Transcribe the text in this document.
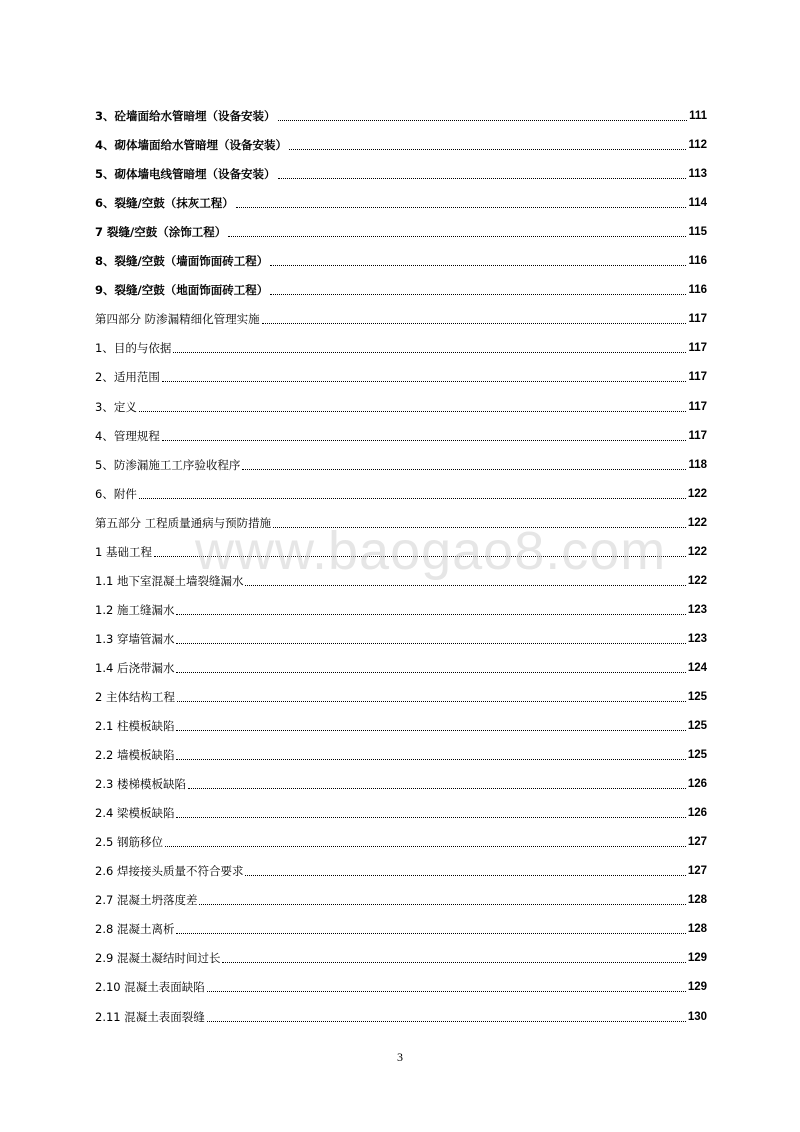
3、砼墙面给水管暗埋（设备安装）	111
4、砌体墙面给水管暗埋（设备安装）	112
5、砌体墙电线管暗埋（设备安装）	113
6、裂缝/空鼓（抹灰工程）	114
7 裂缝/空鼓（涂饰工程）	115
8、裂缝/空鼓（墙面饰面砖工程）	116
9、裂缝/空鼓（地面饰面砖工程）	116
第四部分 防渗漏精细化管理实施	117
1、目的与依据	117
2、适用范围	117
3、定义	117
4、管理规程	117
5、防渗漏施工工序验收程序	118
6、附件	122
第五部分 工程质量通病与预防措施	122
1 基础工程	122
1.1 地下室混凝土墙裂缝漏水	122
1.2 施工缝漏水	123
1.3 穿墙管漏水	123
1.4 后浇带漏水	124
2 主体结构工程	125
2.1 柱模板缺陷	125
2.2 墙模板缺陷	125
2.3 楼梯模板缺陷	126
2.4 梁模板缺陷	126
2.5 钢筋移位	127
2.6 焊接接头质量不符合要求	127
2.7 混凝土坍落度差	128
2.8 混凝土离析	128
2.9 混凝土凝结时间过长	129
2.10 混凝土表面缺陷	129
2.11 混凝土表面裂缝	130
www.baogao8.com
3
